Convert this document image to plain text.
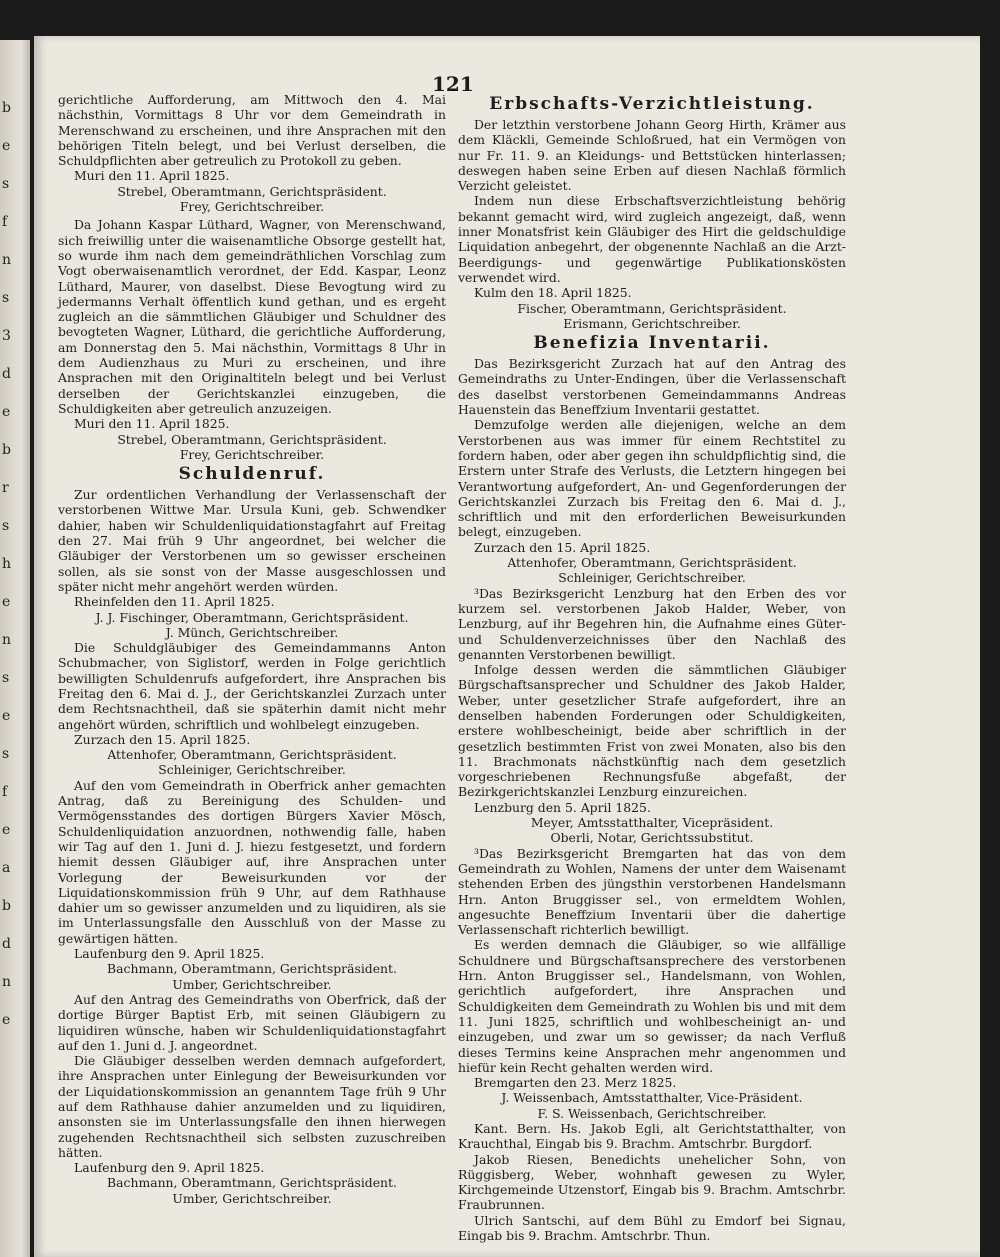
b
e
s
f
n
s
3
d
e
b
r
s
h
e
n
s
e
s
f
e
a
b
d
n
e
121

gerichtliche Aufforderung, am Mittwoch den 4. Mai nächsthin, Vormittags 8 Uhr vor dem Gemeindrath in Merenschwand zu erscheinen, und ihre Ansprachen mit den behörigen Titeln belegt, und bei Verlust derselben, die Schuldpflichten aber getreulich zu Protokoll zu geben.

Muri den 11. April 1825.

Strebel, Oberamtmann, Gerichtspräsident.

Frey, Gerichtschreiber.

Da Johann Kaspar Lüthard, Wagner, von Merenschwand, sich freiwillig unter die waisenamtliche Obsorge gestellt hat, so wurde ihm nach dem gemeindräthlichen Vorschlag zum Vogt oberwaisenamtlich verordnet, der Edd. Kaspar, Leonz Lüthard, Maurer, von daselbst. Diese Bevogtung wird zu jedermanns Verhalt öffentlich kund gethan, und es ergeht zugleich an die sämmtlichen Gläubiger und Schuldner des bevogteten Wagner, Lüthard, die gerichtliche Aufforderung, am Donnerstag den 5. Mai nächsthin, Vormittags 8 Uhr in dem Audienzhaus zu Muri zu erscheinen, und ihre Ansprachen mit den Originaltiteln belegt und bei Verlust derselben der Gerichtskanzlei einzugeben, die Schuldigkeiten aber getreulich anzuzeigen.

Muri den 11. April 1825.

Strebel, Oberamtmann, Gerichtspräsident.

Frey, Gerichtschreiber.

Schuldenruf.

Zur ordentlichen Verhandlung der Verlassenschaft der verstorbenen Wittwe Mar. Ursula Kuni, geb. Schwendker dahier, haben wir Schuldenliquidationstagfahrt auf Freitag den 27. Mai früh 9 Uhr angeordnet, bei welcher die Gläubiger der Verstorbenen um so gewisser erscheinen sollen, als sie sonst von der Masse ausgeschlossen und später nicht mehr angehört werden würden.

Rheinfelden den 11. April 1825.

J. J. Fischinger, Oberamtmann, Gerichtspräsident.

J. Münch, Gerichtschreiber.

Die Schuldgläubiger des Gemeindammanns Anton Schubmacher, von Siglistorf, werden in Folge gerichtlich bewilligten Schuldenrufs aufgefordert, ihre Ansprachen bis Freitag den 6. Mai d. J., der Gerichtskanzlei Zurzach unter dem Rechtsnachtheil, daß sie späterhin damit nicht mehr angehört würden, schriftlich und wohlbelegt einzugeben.

Zurzach den 15. April 1825.

Attenhofer, Oberamtmann, Gerichtspräsident.

Schleiniger, Gerichtschreiber.

Auf den vom Gemeindrath in Oberfrick anher gemachten Antrag, daß zu Bereinigung des Schulden- und Vermögensstandes des dortigen Bürgers Xavier Mösch, Schuldenliquidation anzuordnen, nothwendig falle, haben wir Tag auf den 1. Juni d. J. hiezu festgesetzt, und fordern hiemit dessen Gläubiger auf, ihre Ansprachen unter Vorlegung der Beweisurkunden vor der Liquidationskommission früh 9 Uhr, auf dem Rathhause dahier um so gewisser anzumelden und zu liquidiren, als sie im Unterlassungsfalle den Ausschluß von der Masse zu gewärtigen hätten.

Laufenburg den 9. April 1825.

Bachmann, Oberamtmann, Gerichtspräsident.

Umber, Gerichtschreiber.

Auf den Antrag des Gemeindraths von Oberfrick, daß der dortige Bürger Baptist Erb, mit seinen Gläubigern zu liquidiren wünsche, haben wir Schuldenliquidationstagfahrt auf den 1. Juni d. J. angeordnet.

Die Gläubiger desselben werden demnach aufgefordert, ihre Ansprachen unter Einlegung der Beweisurkunden vor der Liquidationskommission an genanntem Tage früh 9 Uhr auf dem Rathhause dahier anzumelden und zu liquidiren, ansonsten sie im Unterlassungsfalle den ihnen hierwegen zugehenden Rechtsnachtheil sich selbsten zuzuschreiben hätten.

Laufenburg den 9. April 1825.

Bachmann, Oberamtmann, Gerichtspräsident.

Umber, Gerichtschreiber.

Erbschafts-Verzichtleistung.

Der letzthin verstorbene Johann Georg Hirth, Krämer aus dem Kläckli, Gemeinde Schloßrued, hat ein Vermögen von nur Fr. 11. 9. an Kleidungs- und Bettstücken hinterlassen; deswegen haben seine Erben auf diesen Nachlaß förmlich Verzicht geleistet.

Indem nun diese Erbschaftsverzichtleistung behörig bekannt gemacht wird, wird zugleich angezeigt, daß, wenn inner Monatsfrist kein Gläubiger des Hirt die geldschuldige Liquidation anbegehrt, der obgenennte Nachlaß an die Arzt- Beerdigungs- und gegenwärtige Publikationskösten verwendet wird.

Kulm den 18. April 1825.

Fischer, Oberamtmann, Gerichtspräsident.

Erismann, Gerichtschreiber.

Benefizia Inventarii.

Das Bezirksgericht Zurzach hat auf den Antrag des Gemeindraths zu Unter-Endingen, über die Verlassenschaft des daselbst verstorbenen Gemeindammanns Andreas Hauenstein das Beneffzium Inventarii gestattet.

Demzufolge werden alle diejenigen, welche an dem Verstorbenen aus was immer für einem Rechtstitel zu fordern haben, oder aber gegen ihn schuldpflichtig sind, die Erstern unter Strafe des Verlusts, die Letztern hingegen bei Verantwortung aufgefordert, An- und Gegenforderungen der Gerichtskanzlei Zurzach bis Freitag den 6. Mai d. J., schriftlich und mit den erforderlichen Beweisurkunden belegt, einzugeben.

Zurzach den 15. April 1825.

Attenhofer, Oberamtmann, Gerichtspräsident.

Schleiniger, Gerichtschreiber.

³Das Bezirksgericht Lenzburg hat den Erben des vor kurzem sel. verstorbenen Jakob Halder, Weber, von Lenzburg, auf ihr Begehren hin, die Aufnahme eines Güter- und Schuldenverzeichnisses über den Nachlaß des genannten Verstorbenen bewilligt.

Infolge dessen werden die sämmtlichen Gläubiger Bürgschaftsansprecher und Schuldner des Jakob Halder, Weber, unter gesetzlicher Strafe aufgefordert, ihre an denselben habenden Forderungen oder Schuldigkeiten, erstere wohlbescheinigt, beide aber schriftlich in der gesetzlich bestimmten Frist von zwei Monaten, also bis den 11. Brachmonats nächstkünftig nach dem gesetzlich vorgeschriebenen Rechnungsfuße abgefaßt, der Bezirkgerichtskanzlei Lenzburg einzureichen.

Lenzburg den 5. April 1825.

Meyer, Amtsstatthalter, Vicepräsident.

Oberli, Notar, Gerichtssubstitut.

³Das Bezirksgericht Bremgarten hat das von dem Gemeindrath zu Wohlen, Namens der unter dem Waisenamt stehenden Erben des jüngsthin verstorbenen Handelsmann Hrn. Anton Bruggisser sel., von ermeldtem Wohlen, angesuchte Beneffzium Inventarii über die dahertige Verlassenschaft richterlich bewilligt.

Es werden demnach die Gläubiger, so wie allfällige Schuldnere und Bürgschaftsansprechere des verstorbenen Hrn. Anton Bruggisser sel., Handelsmann, von Wohlen, gerichtlich aufgefordert, ihre Ansprachen und Schuldigkeiten dem Gemeindrath zu Wohlen bis und mit dem 11. Juni 1825, schriftlich und wohlbescheinigt an- und einzugeben, und zwar um so gewisser; da nach Verfluß dieses Termins keine Ansprachen mehr angenommen und hiefür kein Recht gehalten werden wird.

Bremgarten den 23. Merz 1825.

J. Weissenbach, Amtsstatthalter, Vice-Präsident.

F. S. Weissenbach, Gerichtschreiber.

Kant. Bern. Hs. Jakob Egli, alt Gerichtstatthalter, von Krauchthal, Eingab bis 9. Brachm. Amtschrbr. Burgdorf.

Jakob Riesen, Benedichts unehelicher Sohn, von Rüggisberg, Weber, wohnhaft gewesen zu Wyler, Kirchgemeinde Utzenstorf, Eingab bis 9. Brachm. Amtschrbr. Fraubrunnen.

Ulrich Santschi, auf dem Bühl zu Emdorf bei Signau, Eingab bis 9. Brachm. Amtschrbr. Thun.
